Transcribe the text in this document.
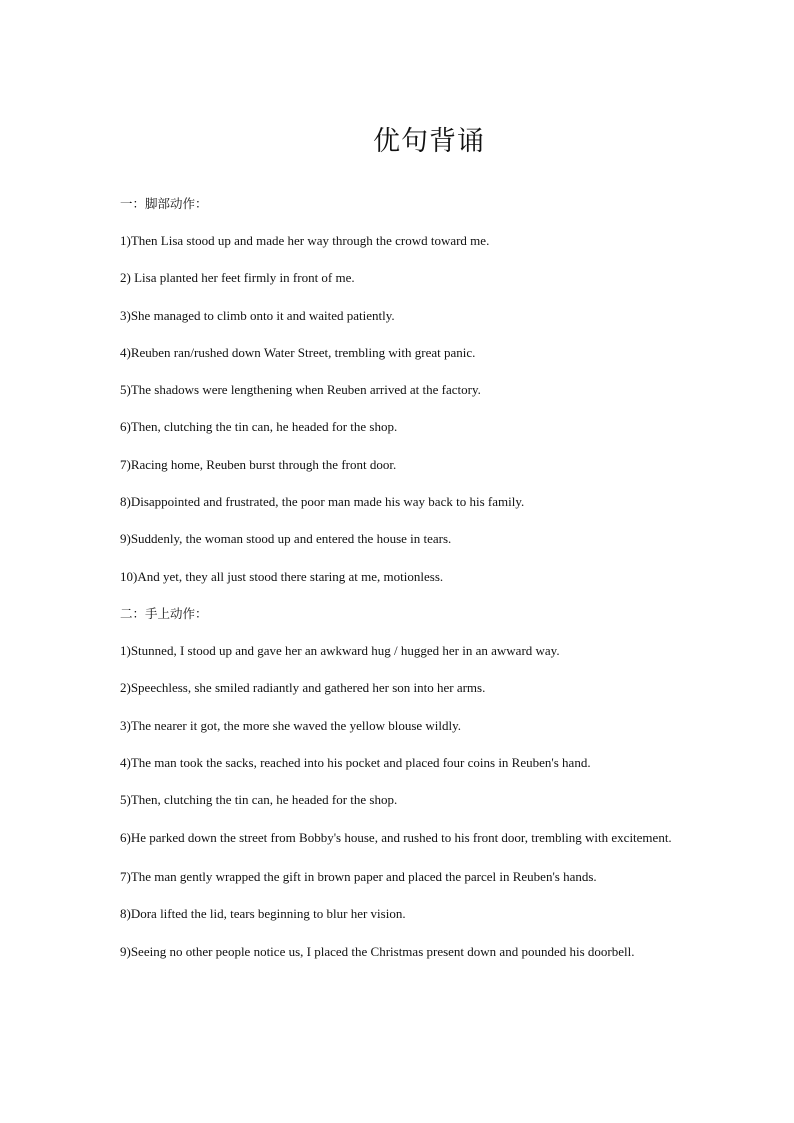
优句背诵
一：脚部动作：
1)Then Lisa stood up and made her way through the crowd toward me.
2) Lisa planted her feet firmly in front of me.
3)She managed to climb onto it and waited patiently.
4)Reuben ran/rushed down Water Street, trembling with great panic.
5)The shadows were lengthening when Reuben arrived at the factory.
6)Then, clutching the tin can, he headed for the shop.
7)Racing home, Reuben burst through the front door.
8)Disappointed and frustrated, the poor man made his way back to his family.
9)Suddenly, the woman stood up and entered the house in tears.
10)And yet, they all just stood there staring at me, motionless.
二：手上动作：
1)Stunned, I stood up and gave her an awkward hug / hugged her in an awward way.
2)Speechless, she smiled radiantly and gathered her son into her arms.
3)The nearer it got, the more she waved the yellow blouse wildly.
4)The man took the sacks, reached into his pocket and placed four coins in Reuben's hand.
5)Then, clutching the tin can, he headed for the shop.
6)He parked down the street from Bobby's house, and rushed to his front door, trembling with excitement.
7)The man gently wrapped the gift in brown paper and placed the parcel in Reuben's hands.
8)Dora lifted the lid, tears beginning to blur her vision.
9)Seeing no other people notice us, I placed the Christmas present down and pounded his doorbell.
